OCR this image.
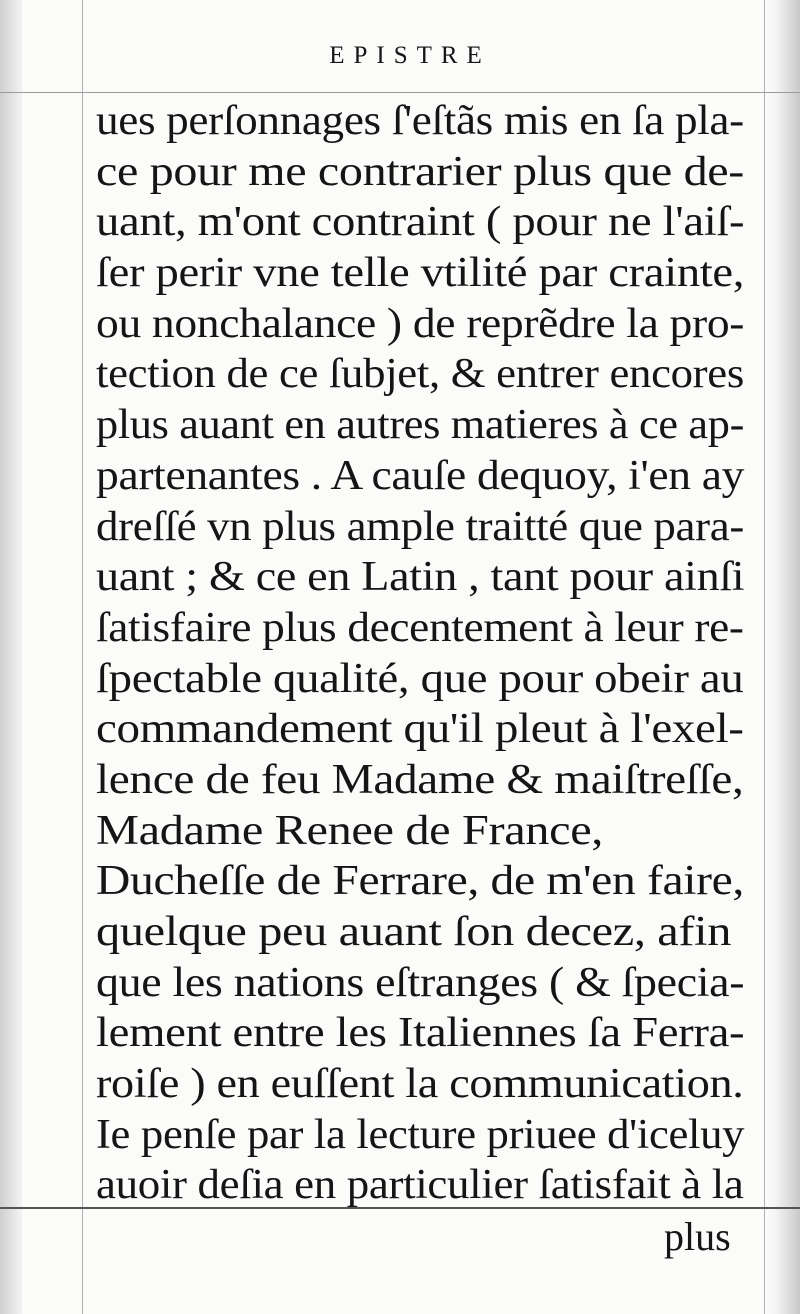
EPISTRE
ues perſonnages ſ'eſtãs mis en ſa pla-
ce pour me contrarier plus que de-
uant, m'ont contraint ( pour ne l'aiſ-
ſer perir vne telle vtilité par crainte,
ou nonchalance ) de reprẽdre la pro-
tection de ce ſubjet, & entrer encores
plus auant en autres matieres à ce ap-
partenantes . A cauſe dequoy, i'en ay
dreſſé vn plus ample traitté que para-
uant ; & ce en Latin , tant pour ainſi
ſatisfaire plus decentement à leur re-
ſpectable qualité, que pour obeir au
commandement qu'il pleut à l'exel-
lence de feu Madame & maiſtreſſe,
Madame Renee de France,
Ducheſſe de Ferrare, de m'en faire,
quelque peu auant ſon decez, afin
que les nations eſtranges ( & ſpecia-
lement entre les Italiennes ſa Ferra-
roiſe ) en euſſent la communication.
Ie penſe par la lecture priuee d'iceluy
auoir deſia en particulier ſatisfait à la
plus
